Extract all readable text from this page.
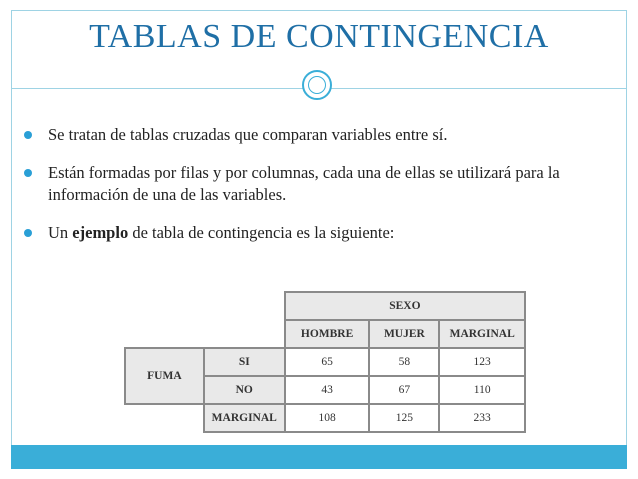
TABLAS DE CONTINGENCIA
Se tratan de tablas cruzadas que comparan variables entre sí.
Están formadas por filas y por columnas, cada una de ellas se utilizará para la información de una de las variables.
Un ejemplo de tabla de contingencia es la siguiente:
		SEXO		
		HOMBRE	MUJER	MARGINAL
FUMA	SI	65	58	123
	NO	43	67	110
	MARGINAL	108	125	233
